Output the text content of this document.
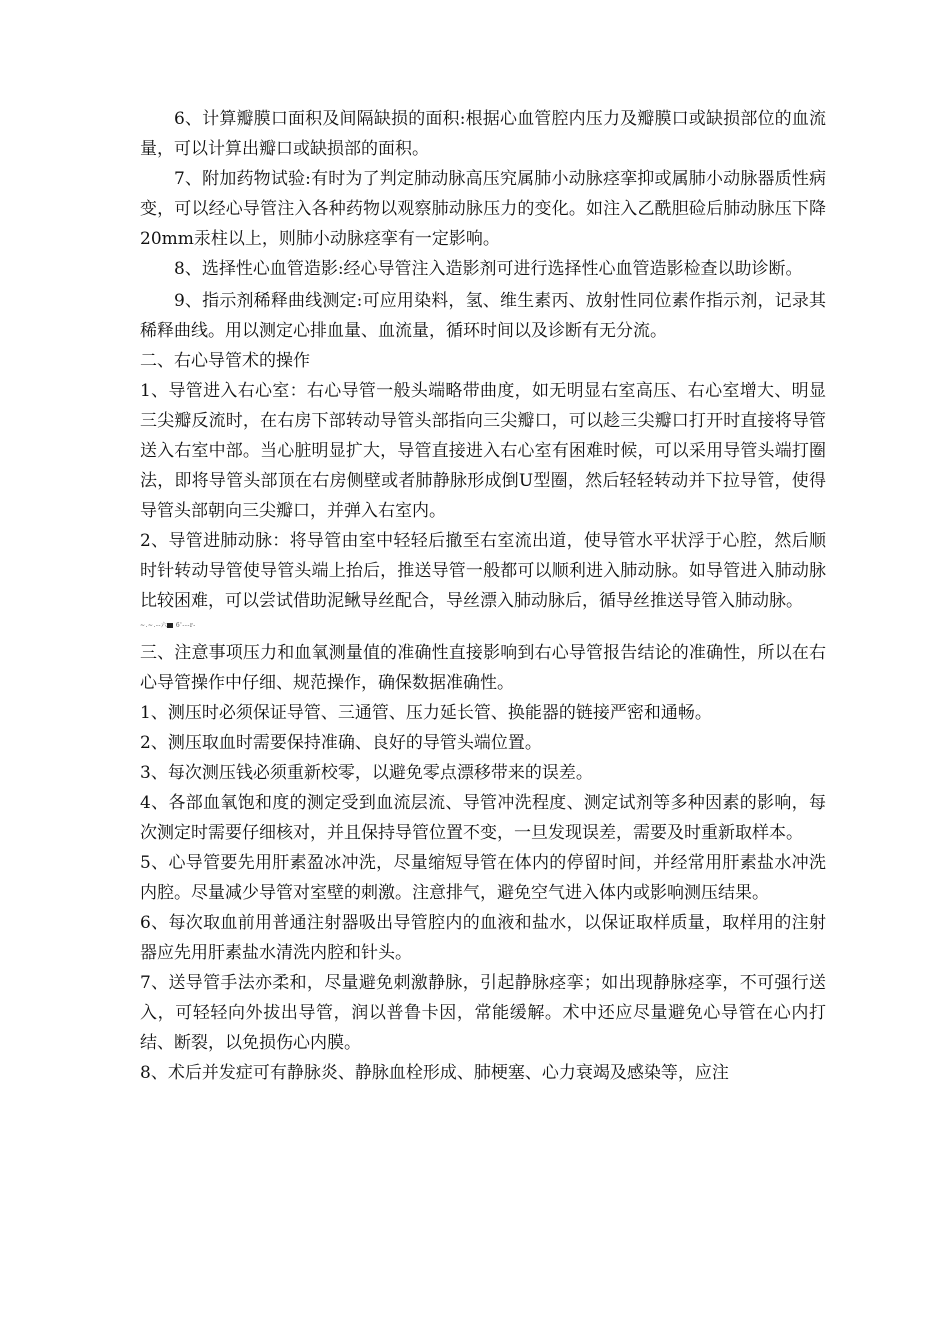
6、计算瓣膜口面积及间隔缺损的面积:根据心血管腔内压力及瓣膜口或缺损部位的血流量，可以计算出瓣口或缺损部的面积。

7、附加药物试验:有时为了判定肺动脉高压究属肺小动脉痉挛抑或属肺小动脉器质性病变，可以经心导管注入各种药物以观察肺动脉压力的变化。如注入乙酰胆硷后肺动脉压下降20mm汞柱以上，则肺小动脉痉挛有一定影响。

8、选择性心血管造影:经心导管注入造影剂可进行选择性心血管造影检查以助诊断。

9、指示剂稀释曲线测定:可应用染料，氢、维生素丙、放射性同位素作指示剂，记录其稀释曲线。用以测定心排血量、血流量，循环时间以及诊断有无分流。

二、右心导管术的操作

1、导管进入右心室：右心导管一般头端略带曲度，如无明显右室高压、右心室增大、明显三尖瓣反流时，在右房下部转动导管头部指向三尖瓣口，可以趁三尖瓣口打开时直接将导管送入右室中部。当心脏明显扩大，导管直接进入右心室有困难时候，可以采用导管头端打圈法，即将导管头部顶在右房侧壁或者肺静脉形成倒U型圈，然后轻轻转动并下拉导管，使得导管头部朝向三尖瓣口，并弹入右室内。

2、导管进肺动脉：将导管由室中轻轻后撤至右室流出道，使导管水平状浮于心腔，然后顺时针转动导管使导管头端上抬后，推送导管一般都可以顺利进入肺动脉。如导管进入肺动脉比较困难，可以尝试借助泥鳅导丝配合，导丝漂入肺动脉后，循导丝推送导管入肺动脉。

~.~.--六 6'---r-

三、注意事项压力和血氧测量值的准确性直接影响到右心导管报告结论的准确性，所以在右心导管操作中仔细、规范操作，确保数据准确性。

1、测压时必须保证导管、三通管、压力延长管、换能器的链接严密和通畅。

2、测压取血时需要保持准确、良好的导管头端位置。

3、每次测压钱必须重新校零，以避免零点漂移带来的误差。

4、各部血氧饱和度的测定受到血流层流、导管冲洗程度、测定试剂等多种因素的影响，每次测定时需要仔细核对，并且保持导管位置不变，一旦发现误差，需要及时重新取样本。

5、心导管要先用肝素盈冰冲洗，尽量缩短导管在体内的停留时间，并经常用肝素盐水冲洗内腔。尽量减少导管对室壁的刺激。注意排气，避免空气进入体内或影响测压结果。

6、每次取血前用普通注射器吸出导管腔内的血液和盐水，以保证取样质量，取样用的注射器应先用肝素盐水清洗内腔和针头。

7、送导管手法亦柔和，尽量避免刺激静脉，引起静脉痉挛；如出现静脉痉挛，不可强行送入，可轻轻向外拔出导管，润以普鲁卡因，常能缓解。术中还应尽量避免心导管在心内打结、断裂，以免损伤心内膜。

8、术后并发症可有静脉炎、静脉血栓形成、肺梗塞、心力衰竭及感染等，应注
